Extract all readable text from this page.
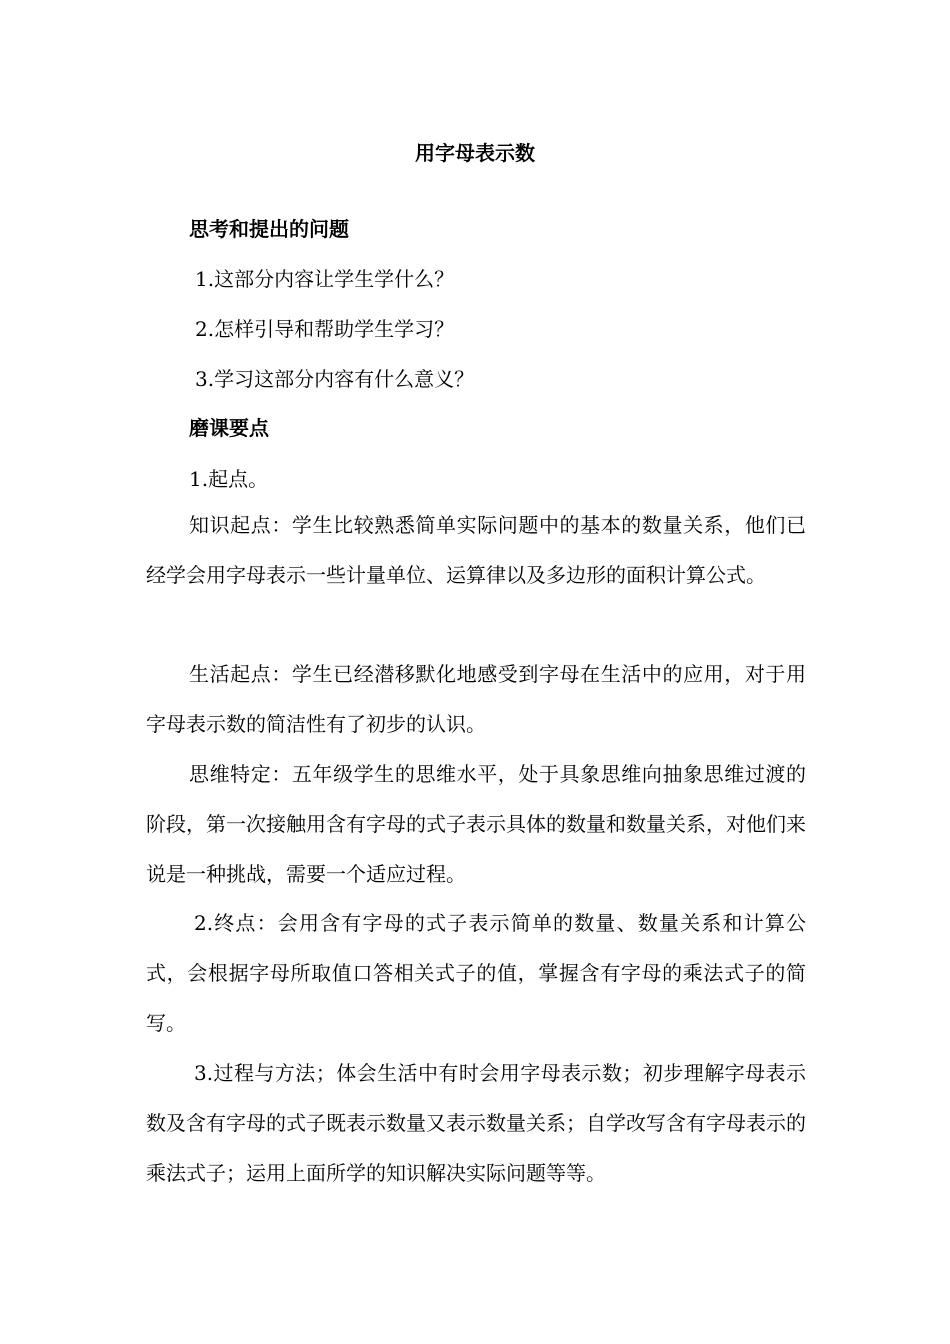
用字母表示数
思考和提出的问题
1.这部分内容让学生学什么？
2.怎样引导和帮助学生学习？
3.学习这部分内容有什么意义？
磨课要点
1.起点。
知识起点：学生比较熟悉简单实际问题中的基本的数量关系，他们已经学会用字母表示一些计量单位、运算律以及多边形的面积计算公式。
生活起点：学生已经潜移默化地感受到字母在生活中的应用，对于用字母表示数的简洁性有了初步的认识。
思维特定：五年级学生的思维水平，处于具象思维向抽象思维过渡的阶段，第一次接触用含有字母的式子表示具体的数量和数量关系，对他们来说是一种挑战，需要一个适应过程。
2.终点：会用含有字母的式子表示简单的数量、数量关系和计算公式，会根据字母所取值口答相关式子的值，掌握含有字母的乘法式子的简写。
3.过程与方法；体会生活中有时会用字母表示数；初步理解字母表示数及含有字母的式子既表示数量又表示数量关系；自学改写含有字母表示的乘法式子；运用上面所学的知识解决实际问题等等。
